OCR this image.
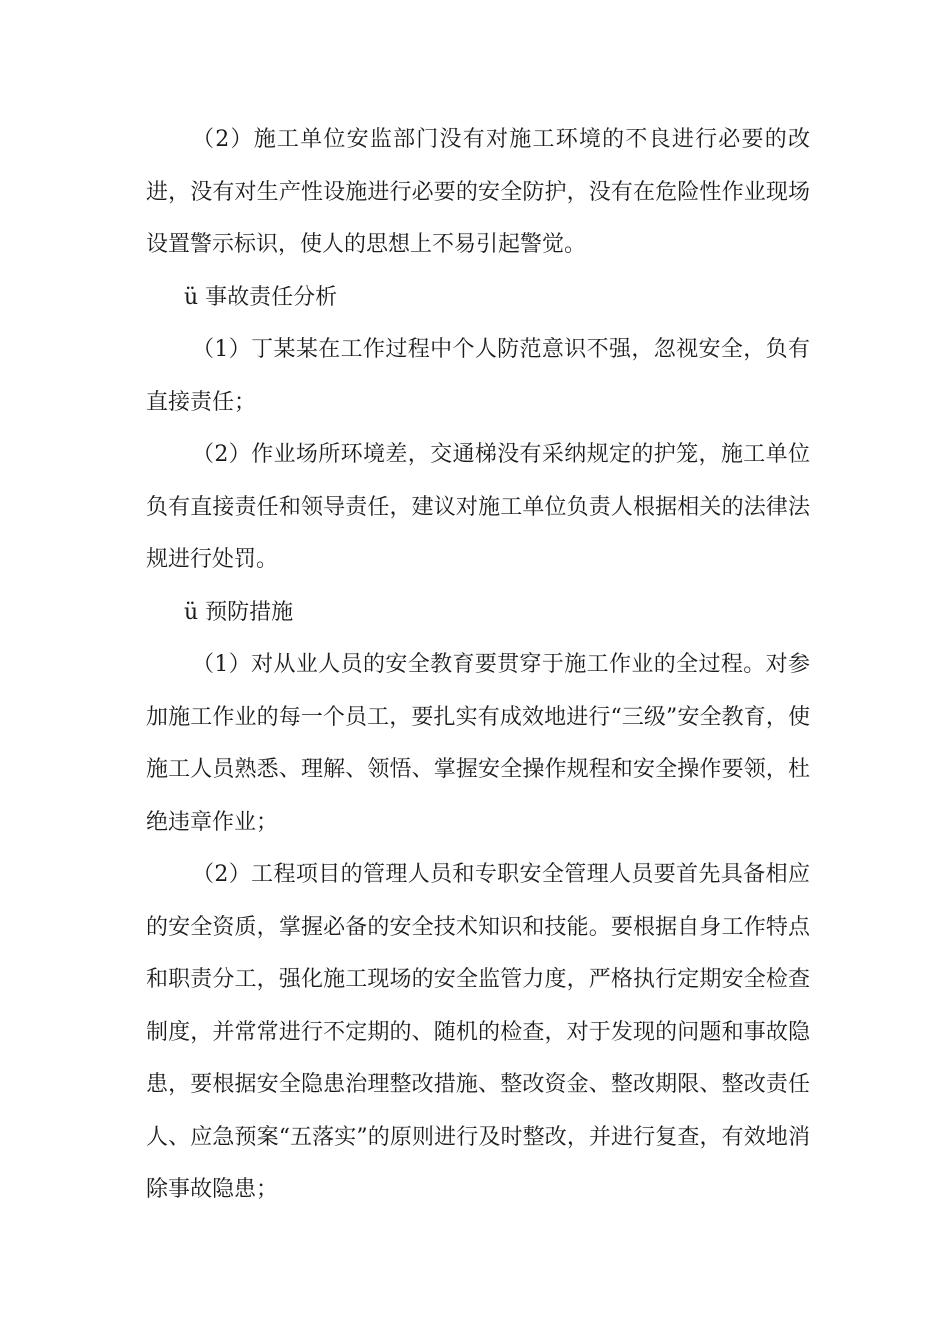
（2）施工单位安监部门没有对施工环境的不良进行必要的改进，没有对生产性设施进行必要的安全防护，没有在危险性作业现场设置警示标识，使人的思想上不易引起警觉。

ü 事故责任分析

（1）丁某某在工作过程中个人防范意识不强，忽视安全，负有直接责任；

（2）作业场所环境差，交通梯没有采纳规定的护笼，施工单位负有直接责任和领导责任，建议对施工单位负责人根据相关的法律法规进行处罚。

ü 预防措施

（1）对从业人员的安全教育要贯穿于施工作业的全过程。对参加施工作业的每一个员工，要扎实有成效地进行“三级”安全教育，使施工人员熟悉、理解、领悟、掌握安全操作规程和安全操作要领，杜绝违章作业；

（2）工程项目的管理人员和专职安全管理人员要首先具备相应的安全资质，掌握必备的安全技术知识和技能。要根据自身工作特点和职责分工，强化施工现场的安全监管力度，严格执行定期安全检查制度，并常常进行不定期的、随机的检查，对于发现的问题和事故隐患，要根据安全隐患治理整改措施、整改资金、整改期限、整改责任人、应急预案“五落实”的原则进行及时整改，并进行复查，有效地消除事故隐患；
